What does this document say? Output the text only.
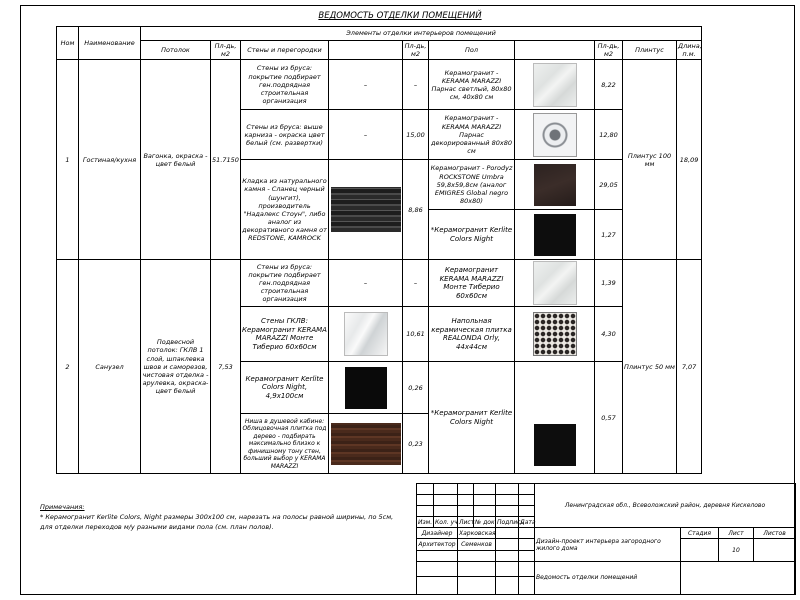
ВЕДОМОСТЬ ОТДЕЛКИ ПОМЕЩЕНИЙ
Ном	Наименование	Элементы отделки интерьеров помещений									
		Потолок	Пл-дь, м2	Стены и перегородки		Пл-дь, м2	Пол		Пл-дь, м2	Плинтус	Длина, п.м.
1	Гостиная/кухня	Вагонка, окраска - цвет белый	51.7150	Стены из бруса: покрытие подбирает ген.подрядная строительная организация	–	–	Керамогранит - KERAMA MARAZZI Парнас светлый, 80х80 см, 40х80 см		8,22	Плинтус 100 мм	18,09
				Стены из бруса: выше карниза - окраска цвет белый (см. развертки)	–	15,00	Керамогранит - KERAMA MARAZZI Парнас декорированный 80х80 см		12,80		
				Кладка из натурального камня - Сланец черный (шунгит), производитель "Надалекс Стоун", либо аналог из декоративного камня от REDSTONE, KAMROCK		8,86	Керамогранит - Porodyz ROCKSTONE Umbra 59,8х59,8см (аналог EMIGRES Global negro 80х80)		29,05		
							*Керамогранит Kerlite Colors Night		1,27		
2	Санузел	Подвесной потолок: ГКЛВ 1 слой, шпаклевка швов и саморезов, чистовая отделка - арулевка, окраска- цвет белый	7,53	Стены из бруса: покрытие подбирает ген.подрядная строительная организация	–	–	Керамогранит KERAMA MARAZZI Монте Тиберио 60х60см		1,39	Плинтус 50 мм	7,07
				Стены ГКЛВ: Керамогранит KERAMA MARAZZI Монте Тиберио 60х60см		10,61	Напольная керамическая плитка REALONDA Orly, 44х44см		4,30		
				Керамогранит Kerlite Colors Night, 4,9х100см		0,26	*Керамогранит Kerlite Colors Night		0,57		
				Ниша в душевой кабине: Облицовочная плитка под дерево - подбирать максимально близко к финишному тону стен, больший выбор у KERAMA MARAZZI		0,23					
Примечания:
* Керамогранит Kerlite Colors, Night размеры 300х100 см, нарезать на полосы равной ширины, по 5см, для отделки переходов м/у разными видами пола (см. план полов).
						Ленинградская обл., Всеволожский район, деревня Кискелово			

Изм.	Кол. уч	Лист	№ док	Подпись	Дата				
Дизайнер		Харковская				Дизайн-проект интерьера загородного жилого дома	Стадия	Лист	Листов
Архитектор		Семенков						10	

						Ведомость отделки помещений			
